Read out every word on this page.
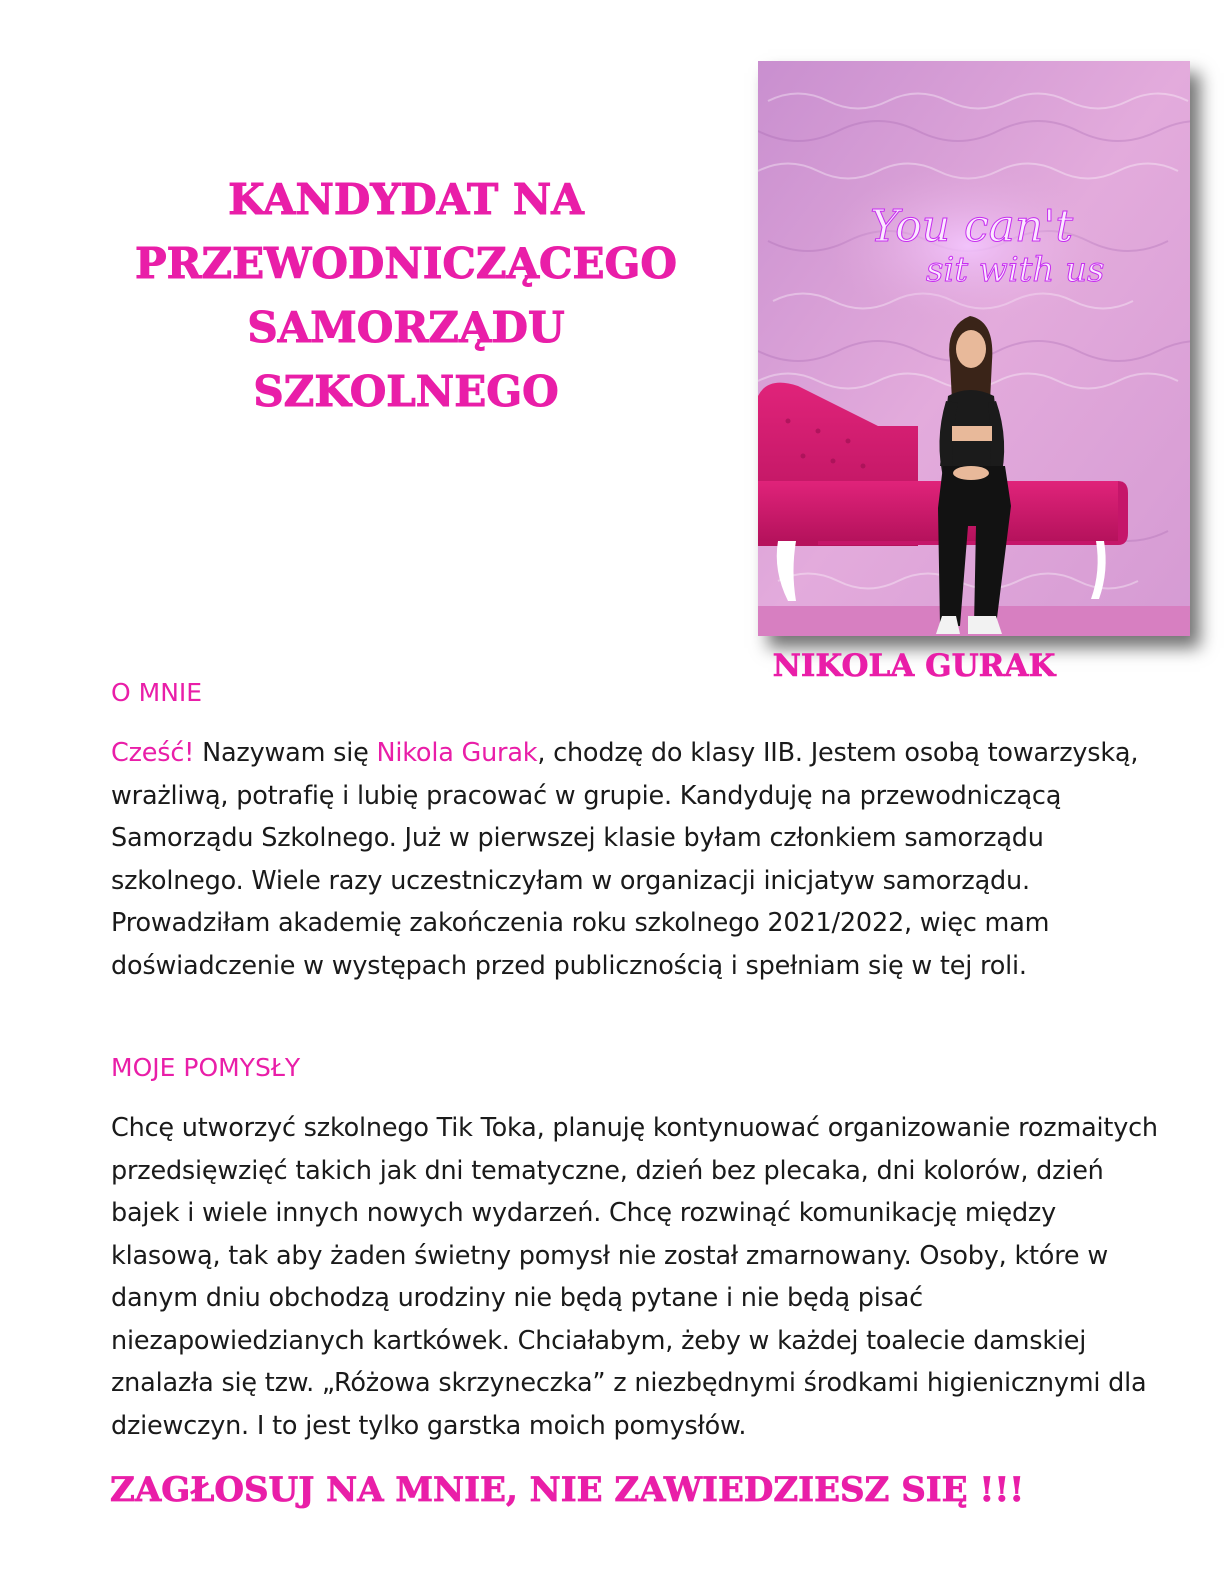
KANDYDAT NA
PRZEWODNICZĄCEGO
SAMORZĄDU
SZKOLNEGO
You can't
sit with us
NIKOLA GURAK
O MNIE

Cześć! Nazywam się Nikola Gurak, chodzę do klasy IIB. Jestem osobą towarzyską, wrażliwą, potrafię i lubię pracować w grupie. Kandyduję na przewodniczącą Samorządu Szkolnego. Już w pierwszej klasie byłam członkiem samorządu szkolnego. Wiele razy uczestniczyłam w organizacji inicjatyw samorządu. Prowadziłam akademię zakończenia roku szkolnego 2021/2022, więc mam doświadczenie w występach przed publicznością i spełniam się w tej roli.

MOJE POMYSŁY

Chcę utworzyć szkolnego Tik Toka, planuję kontynuować organizowanie rozmaitych przedsięwzięć takich jak dni tematyczne, dzień bez plecaka, dni kolorów, dzień bajek i wiele innych nowych wydarzeń. Chcę rozwinąć komunikację między klasową, tak aby żaden świetny pomysł nie został zmarnowany. Osoby, które w danym dniu obchodzą urodziny nie będą pytane i nie będą pisać niezapowiedzianych kartkówek. Chciałabym, żeby w każdej toalecie damskiej znalazła się tzw. „Różowa skrzyneczka” z niezbędnymi środkami higienicznymi dla dziewczyn. I to jest tylko garstka moich pomysłów.

ZAGŁOSUJ NA MNIE, NIE ZAWIEDZIESZ SIĘ !!!
